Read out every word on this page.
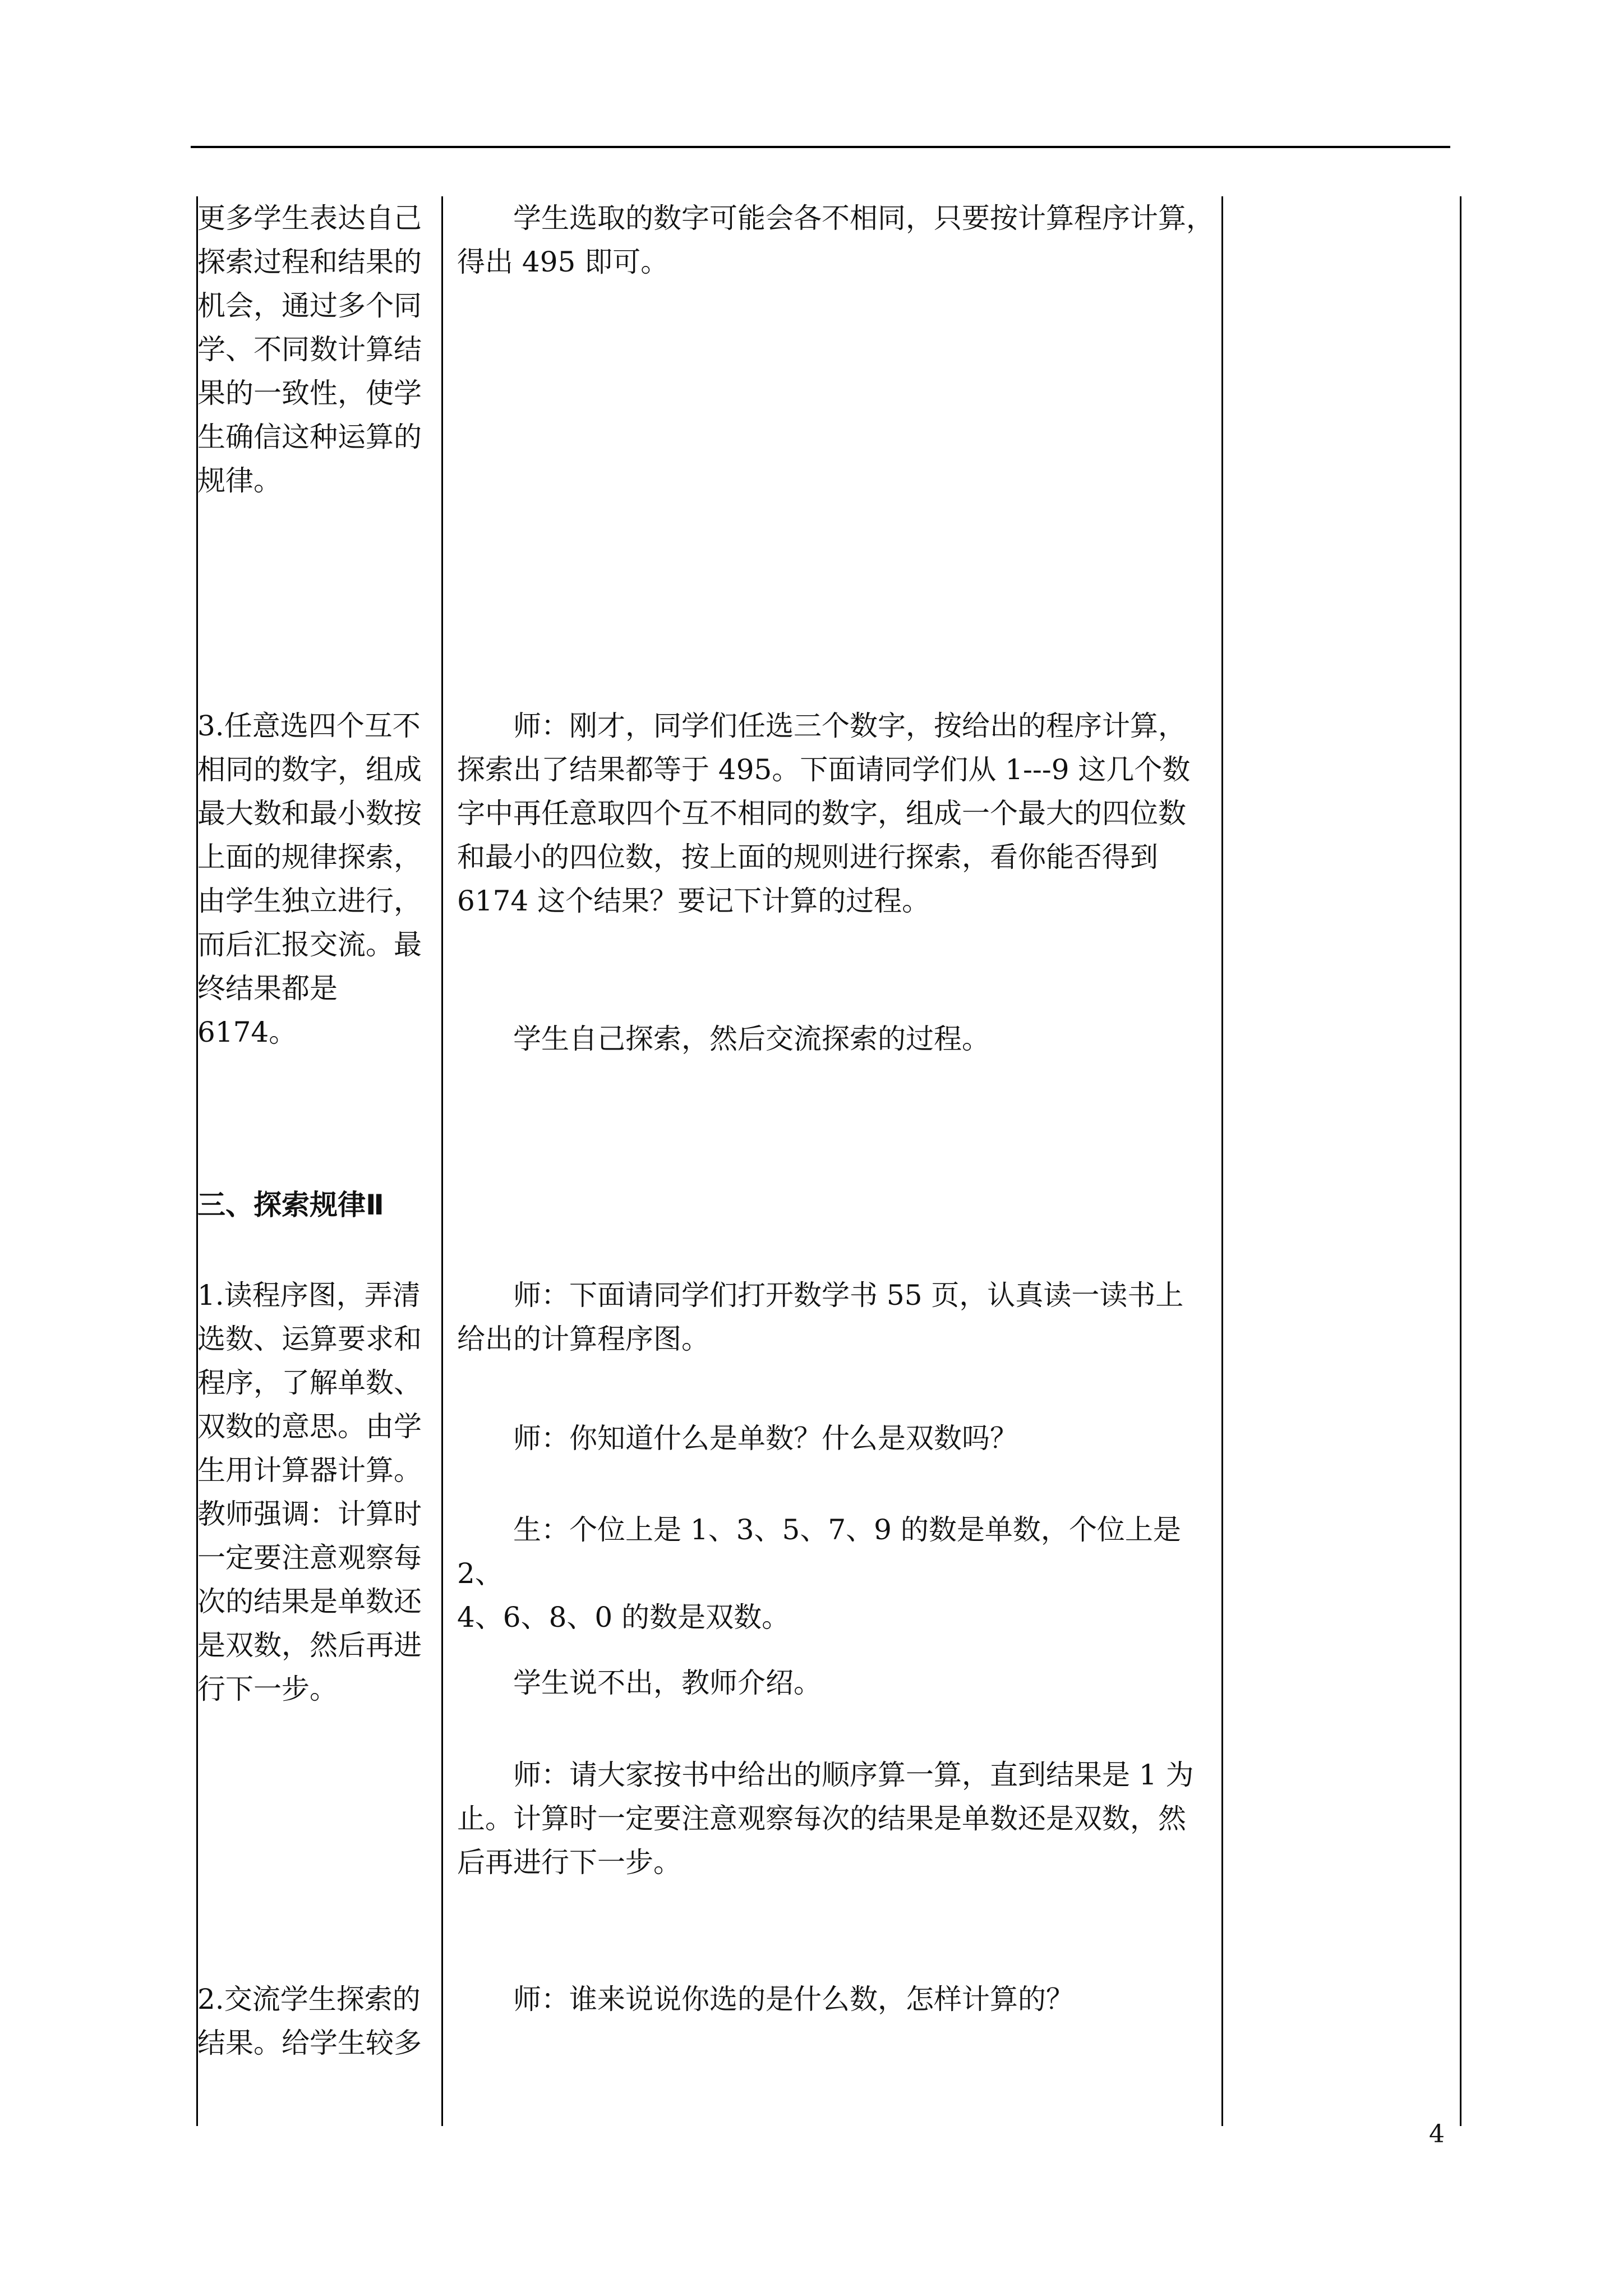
更多学生表达自己
探索过程和结果的
机会，通过多个同
学、不同数计算结
果的一致性，使学
生确信这种运算的
规律。

3.任意选四个互不
相同的数字，组成
最大数和最小数按
上面的规律探索，
由学生独立进行，
而后汇报交流。最
终结果都是6174。

三、探索规律Ⅱ

1.读程序图，弄清
选数、运算要求和
程序，了解单数、
双数的意思。由学
生用计算器计算。
教师强调：计算时
一定要注意观察每
次的结果是单数还
是双数，然后再进
行下一步。

2.交流学生探索的
结果。给学生较多

学生选取的数字可能会各不相同，只要按计算程序计算，
得出 495 即可。

师：刚才，同学们任选三个数字，按给出的程序计算，
探索出了结果都等于 495。下面请同学们从 1---9 这几个数
字中再任意取四个互不相同的数字，组成一个最大的四位数
和最小的四位数，按上面的规则进行探索，看你能否得到
6174 这个结果？要记下计算的过程。

学生自己探索，然后交流探索的过程。

师：下面请同学们打开数学书 55 页，认真读一读书上
给出的计算程序图。

师：你知道什么是单数？什么是双数吗？

生：个位上是 1、3、5、7、9 的数是单数，个位上是 2、
4、6、8、0 的数是双数。

学生说不出，教师介绍。

师：请大家按书中给出的顺序算一算，直到结果是 1 为
止。计算时一定要注意观察每次的结果是单数还是双数，然
后再进行下一步。

师：谁来说说你选的是什么数，怎样计算的？

4
